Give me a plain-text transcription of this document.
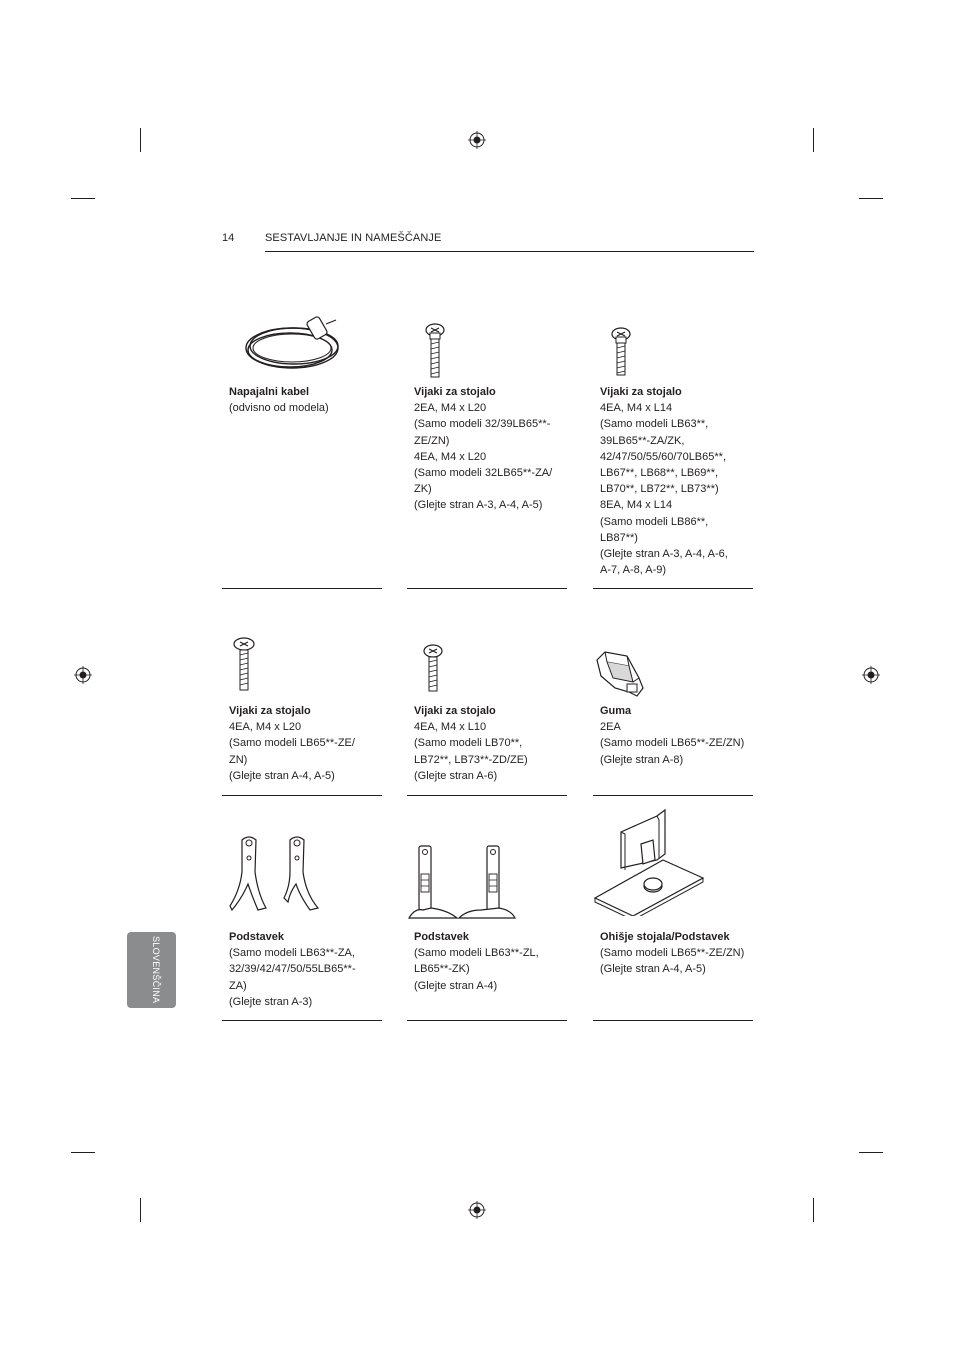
14	SESTAVLJANJE IN NAMEŠČANJE
Napajalni kabel
(odvisno od modela)
Vijaki za stojalo
2EA, M4 x L20
(Samo modeli 32/39LB65**-
ZE/ZN)
4EA, M4 x L20
(Samo modeli 32LB65**-ZA/
ZK)
(Glejte stran A-3, A-4, A-5)
Vijaki za stojalo
4EA, M4 x L14
(Samo modeli LB63**,
39LB65**-ZA/ZK,
42/47/50/55/60/70LB65**,
LB67**, LB68**, LB69**,
LB70**, LB72**, LB73**)
8EA, M4 x L14
(Samo modeli LB86**,
LB87**)
(Glejte stran A-3, A-4, A-6,
A-7, A-8, A-9)
Vijaki za stojalo
4EA, M4 x L20
(Samo modeli LB65**-ZE/
ZN)
(Glejte stran A-4, A-5)
Vijaki za stojalo
4EA, M4 x L10
(Samo modeli LB70**,
LB72**, LB73**-ZD/ZE)
(Glejte stran A-6)
Guma
2EA
(Samo modeli LB65**-ZE/ZN)
(Glejte stran A-8)
Podstavek
(Samo modeli LB63**-ZA,
32/39/42/47/50/55LB65**-
ZA)
(Glejte stran A-3)
Podstavek
(Samo modeli LB63**-ZL,
LB65**-ZK)
(Glejte stran A-4)
Ohišje stojala/Podstavek
(Samo modeli LB65**-ZE/ZN)
(Glejte stran A-4, A-5)
SLOVENŠČINA
